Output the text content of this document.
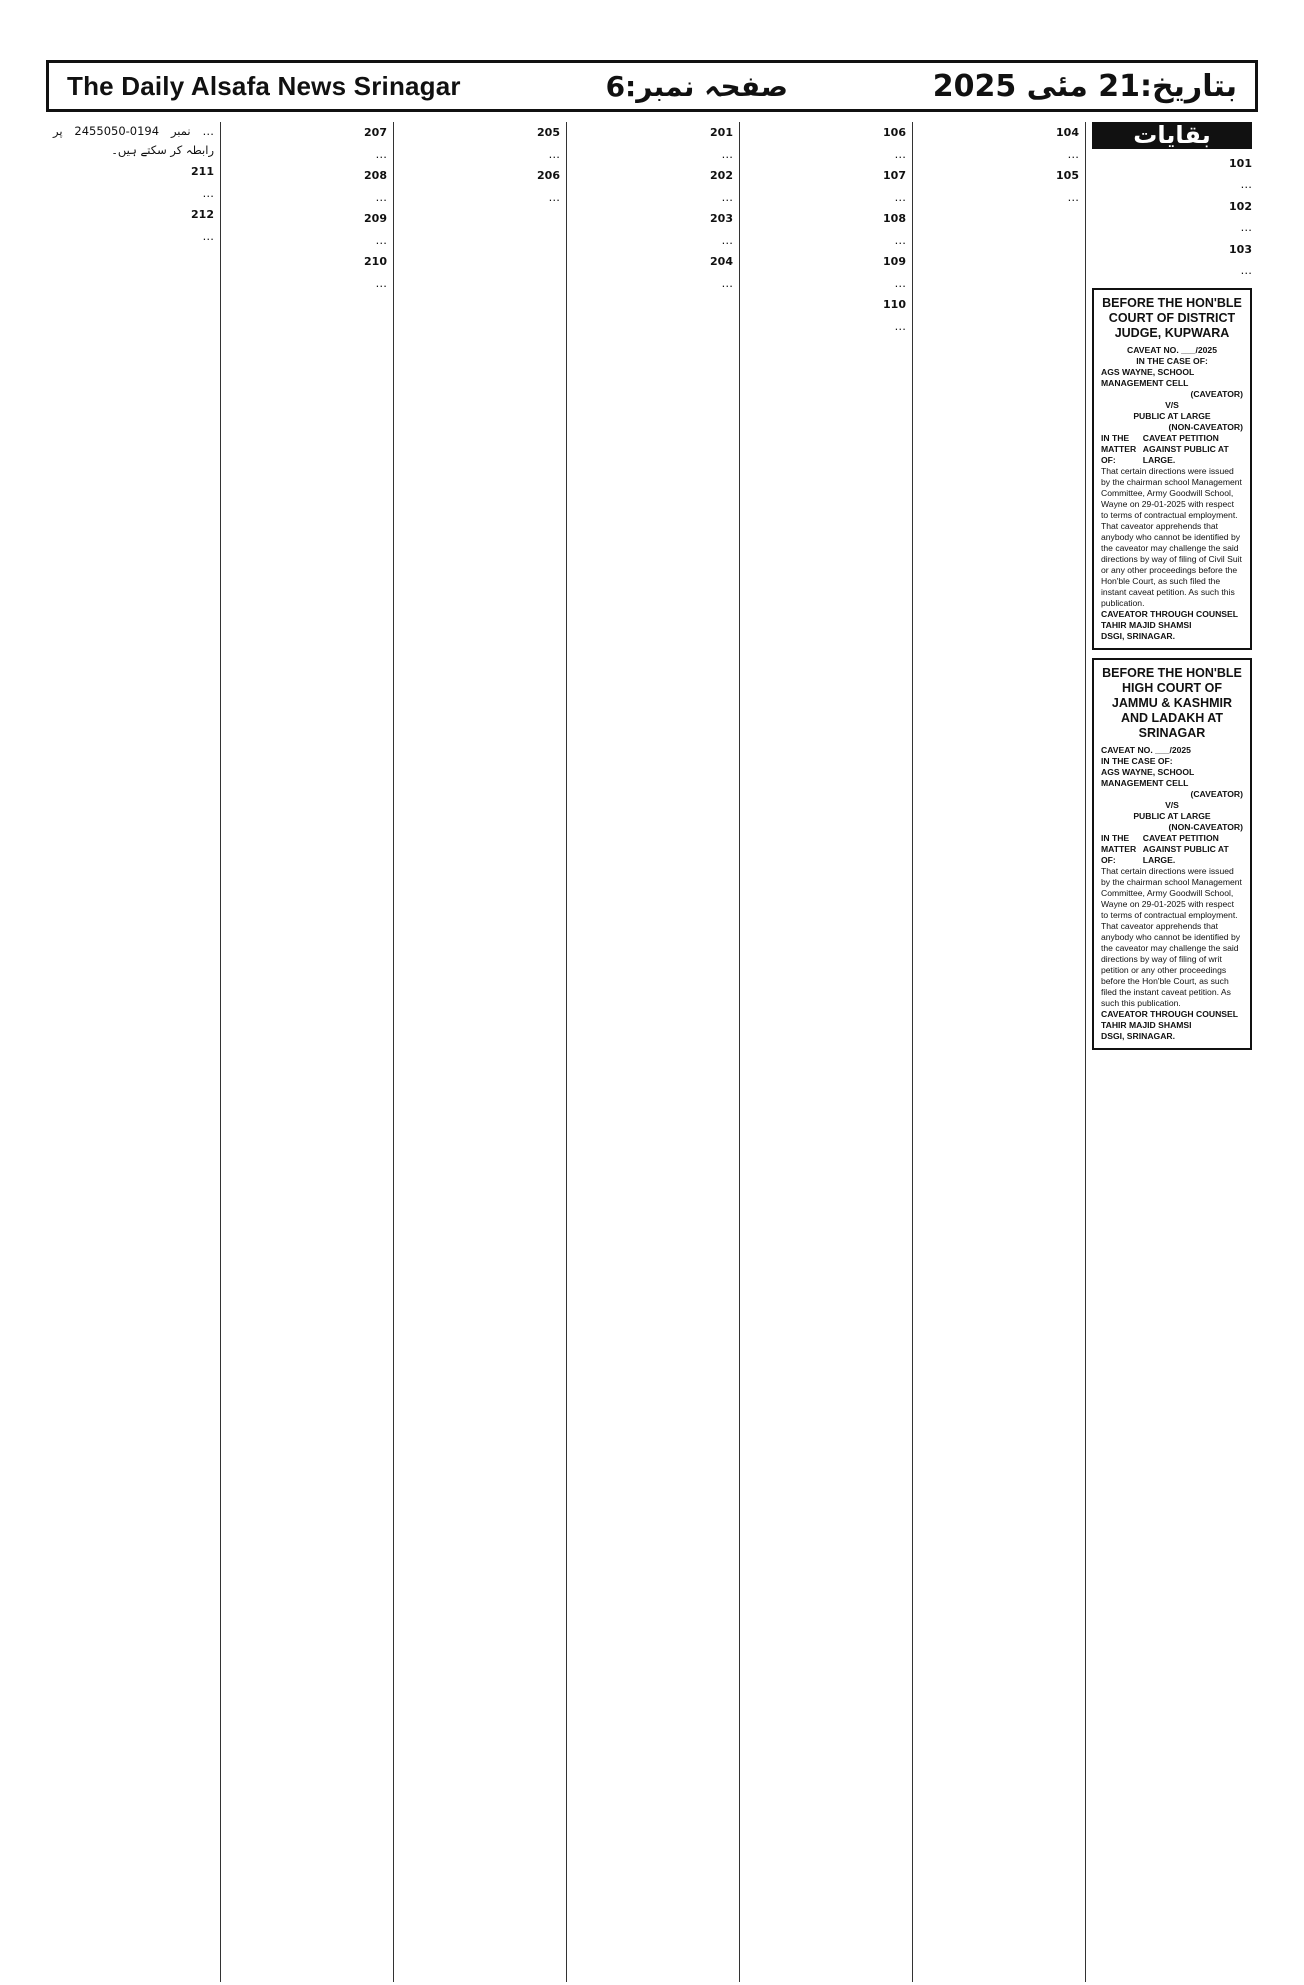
The Daily Alsafa News Srinagar	صفحہ نمبر:6	بتاریخ:21 مئی 2025
بقایات
101

…

102

…

103

…

BEFORE THE HON'BLE COURT OF DISTRICT JUDGE, KUPWARA
CAVEAT NO. ___/2025
IN THE CASE OF:
AGS WAYNE, SCHOOL MANAGEMENT CELL
(CAVEATOR)
V/S
PUBLIC AT LARGE
(NON-CAVEATOR)
IN THE MATTER OF:
CAVEAT PETITION AGAINST PUBLIC AT LARGE.
That certain directions were issued by the chairman school Management Committee, Army Goodwill School, Wayne on 29-01-2025 with respect to terms of contractual employment. That caveator apprehends that anybody who cannot be identified by the caveator may challenge the said directions by way of filing of Civil Suit or any other proceedings before the Hon'ble Court, as such filed the instant caveat petition. As such this publication.
CAVEATOR THROUGH COUNSEL
TAHIR MAJID SHAMSI
DSGI, SRINAGAR.
BEFORE THE HON'BLE HIGH COURT OF JAMMU & KASHMIR AND LADAKH AT SRINAGAR
CAVEAT NO. ___/2025
IN THE CASE OF:
AGS WAYNE, SCHOOL MANAGEMENT CELL
(CAVEATOR)
V/S
PUBLIC AT LARGE
(NON-CAVEATOR)
IN THE MATTER OF:
CAVEAT PETITION AGAINST PUBLIC AT LARGE.
That certain directions were issued by the chairman school Management Committee, Army Goodwill School, Wayne on 29-01-2025 with respect to terms of contractual employment. That caveator apprehends that anybody who cannot be identified by the caveator may challenge the said directions by way of filing of writ petition or any other proceedings before the Hon'ble Court, as such filed the instant caveat petition. As such this publication.
CAVEATOR THROUGH COUNSEL
TAHIR MAJID SHAMSI
DSGI, SRINAGAR.
104

…

105

…

106

…

107

…

108

…

109

…

110

…

201

…

202

…

203

…

204

…

205

…

206

…

207

…

208

…

209

…

210

…

… نمبر 0194-2455050 پر رابطہ کر سکتے ہیں۔

211

…

212

…
